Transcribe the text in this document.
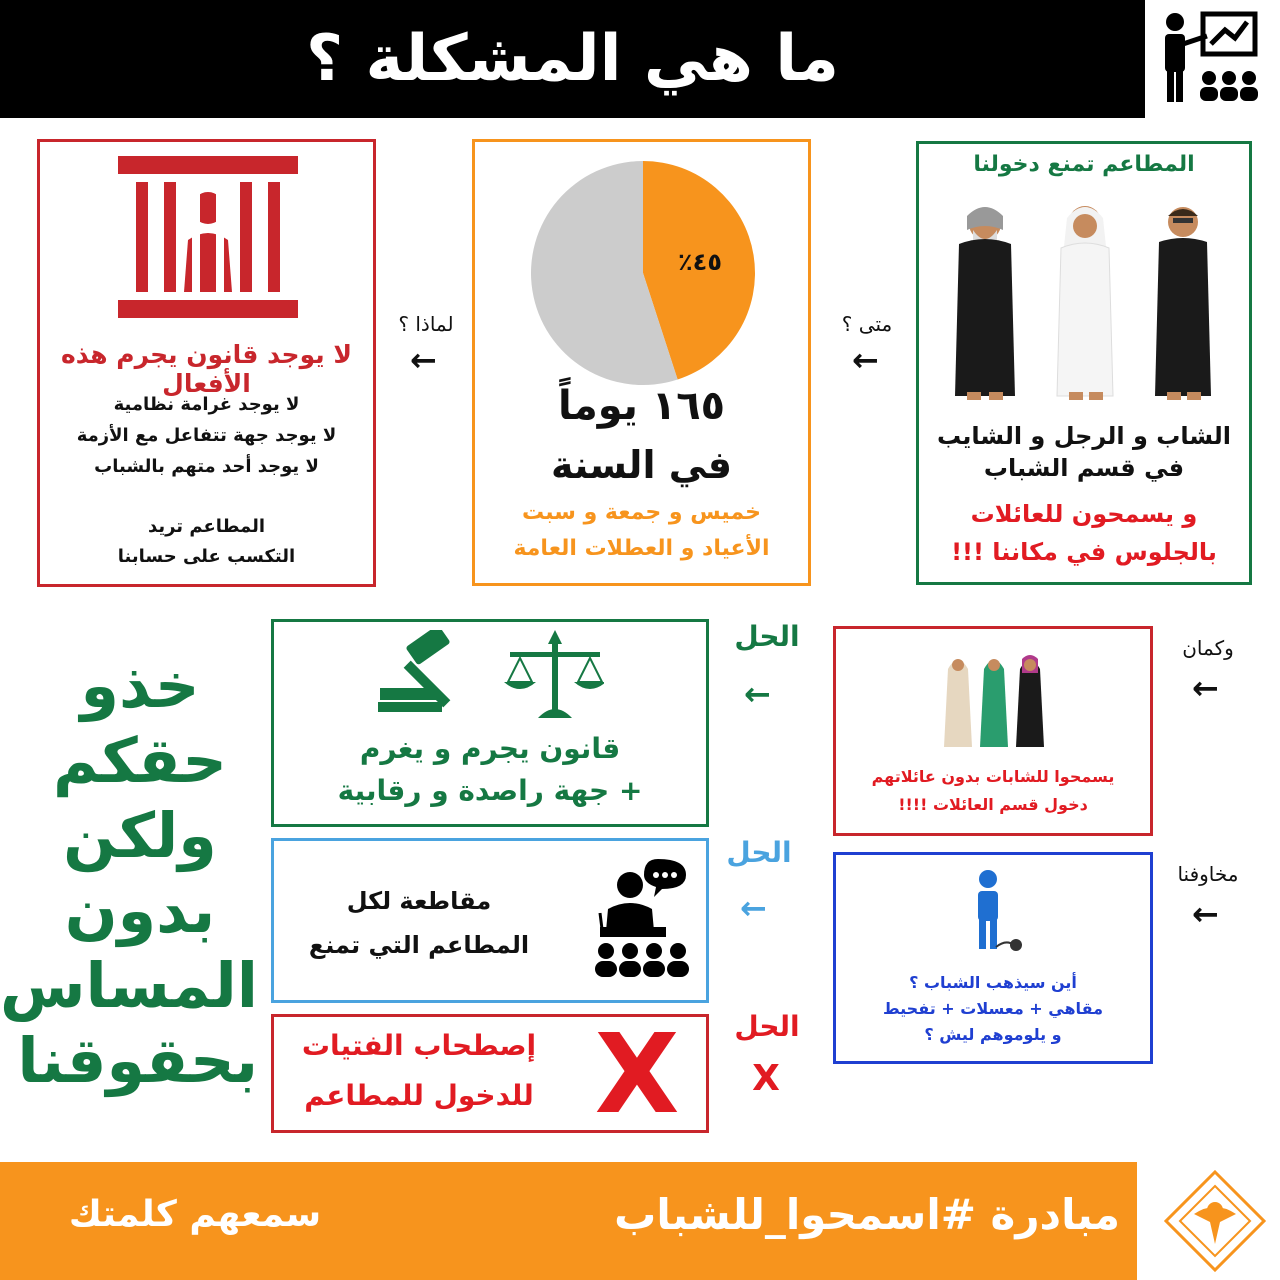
ما هي المشكلة ؟
المطاعم تمنع دخولنا
الشاب و الرجل و الشايب
في قسم الشباب
و يسمحون للعائلات
بالجلوس في مكاننا !!!
متى ؟
←
٤٥٪
١٦٥ يوماً
في السنة
خميس و جمعة و سبت
الأعياد و العطلات العامة
لماذا ؟
←
لا يوجد قانون يجرم هذه الأفعال
لا يوجد غرامة نظامية
لا يوجد جهة تتفاعل مع الأزمة
لا يوجد أحد متهم بالشباب
المطاعم تريد
التكسب على حسابنا
وكمان
←
يسمحوا للشابات بدون عائلاتهم
دخول قسم العائلات !!!!
مخاوفنا
←
أين سيذهب الشباب ؟
مقاهي + معسلات + تفحيط
و يلوموهم ليش ؟
الحل
←
قانون يجرم و يغرم
+ جهة راصدة و رقابية
الحل
←
مقاطعة لكل
المطاعم التي تمنع
الحل
X
إصطحاب الفتيات
للدخول للمطاعم X
خذو
حقكم
ولكن
بدون
المساس
بحقوقنا
مبادرة #اسمحوا_للشباب
سمعهم كلمتك
